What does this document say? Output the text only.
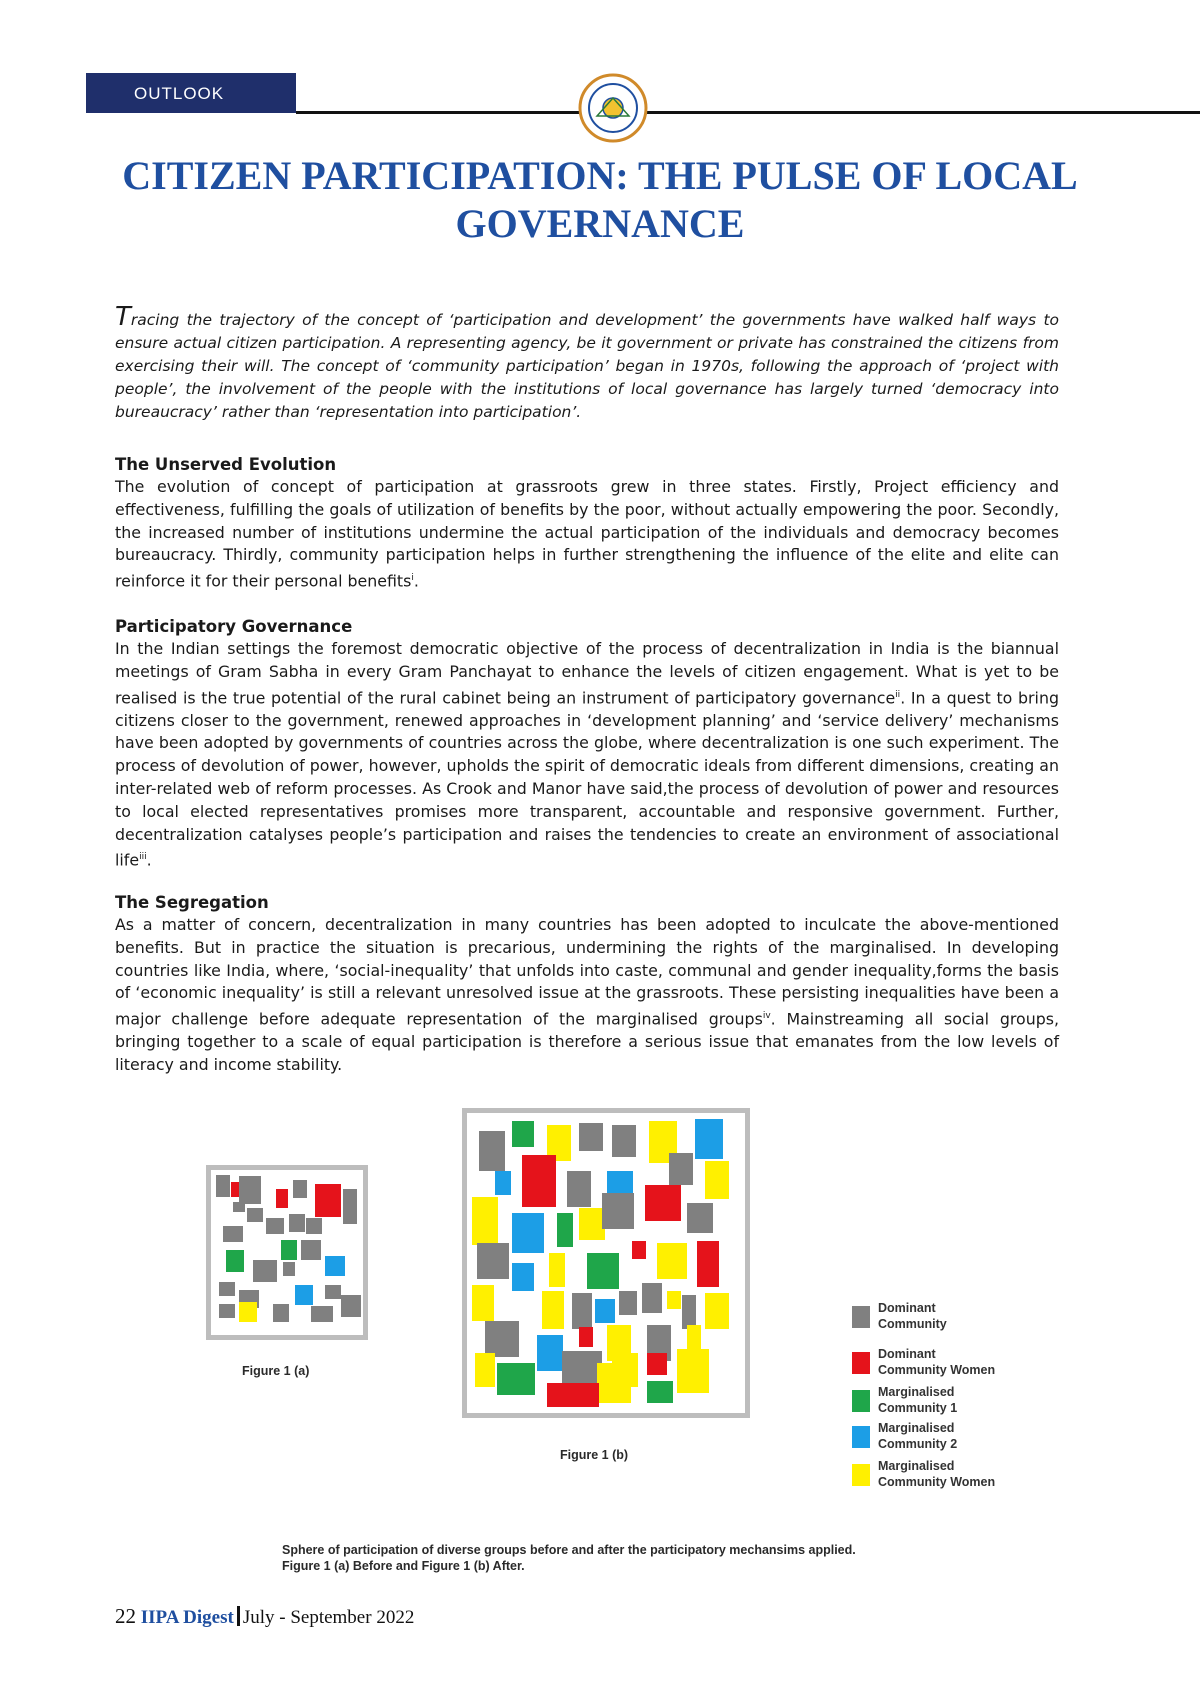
OUTLOOK
CITIZEN PARTICIPATION: THE PULSE OF LOCAL GOVERNANCE
Tracing the trajectory of the concept of ‘participation and development’ the governments have walked half ways to ensure actual citizen participation. A representing agency, be it government or private has constrained the citizens from exercising their will. The concept of ‘community participation’ began in 1970s, following the approach of ‘project with people’, the involvement of the people with the institutions of local governance has largely turned ‘democracy into bureaucracy’ rather than ‘representation into participation’.
The Unserved Evolution

The evolution of concept of participation at grassroots grew in three states. Firstly, Project efficiency and effectiveness, fulfilling the goals of utilization of benefits by the poor, without actually empowering the poor. Secondly, the increased number of institutions undermine the actual participation of the individuals and democracy becomes bureaucracy. Thirdly, community participation helps in further strengthening the influence of the elite and elite can reinforce it for their personal benefits$^i$.

Participatory Governance

In the Indian settings the foremost democratic objective of the process of decentralization in India is the biannual meetings of Gram Sabha in every Gram Panchayat to enhance the levels of citizen engagement. What is yet to be realised is the true potential of the rural cabinet being an instrument of participatory governance$^{ii}$. In a quest to bring citizens closer to the government, renewed approaches in ‘development planning’ and ‘service delivery’ mechanisms have been adopted by governments of countries across the globe, where decentralization is one such experiment. The process of devolution of power, however, upholds the spirit of democratic ideals from different dimensions, creating an inter-related web of reform processes. As Crook and Manor have said,the process of devolution of power and resources to local elected representatives promises more transparent, accountable and responsive government. Further, decentralization catalyses people’s participation and raises the tendencies to create an environment of associational life$^{iii}$.

The Segregation

As a matter of concern, decentralization in many countries has been adopted to inculcate the above-mentioned benefits. But in practice the situation is precarious, undermining the rights of the marginalised. In developing countries like India, where, ‘social-inequality’ that unfolds into caste, communal and gender inequality,forms the basis of ‘economic inequality’ is still a relevant unresolved issue at the grassroots. These persisting inequalities have been a major challenge before adequate representation of the marginalised groups$^{iv}$. Mainstreaming all social groups, bringing together to a scale of equal participation is therefore a serious issue that emanates from the low levels of literacy and income stability.

Figure 1 (a)
Figure 1 (b)
Dominant
Community
Dominant
Community Women
Marginalised
Community 1
Marginalised
Community 2
Marginalised
Community Women
Sphere of participation of diverse groups before and after the participatory mechansims applied.
Figure 1 (a) Before and Figure 1 (b) After.
22 IIPA Digest July - September 2022
